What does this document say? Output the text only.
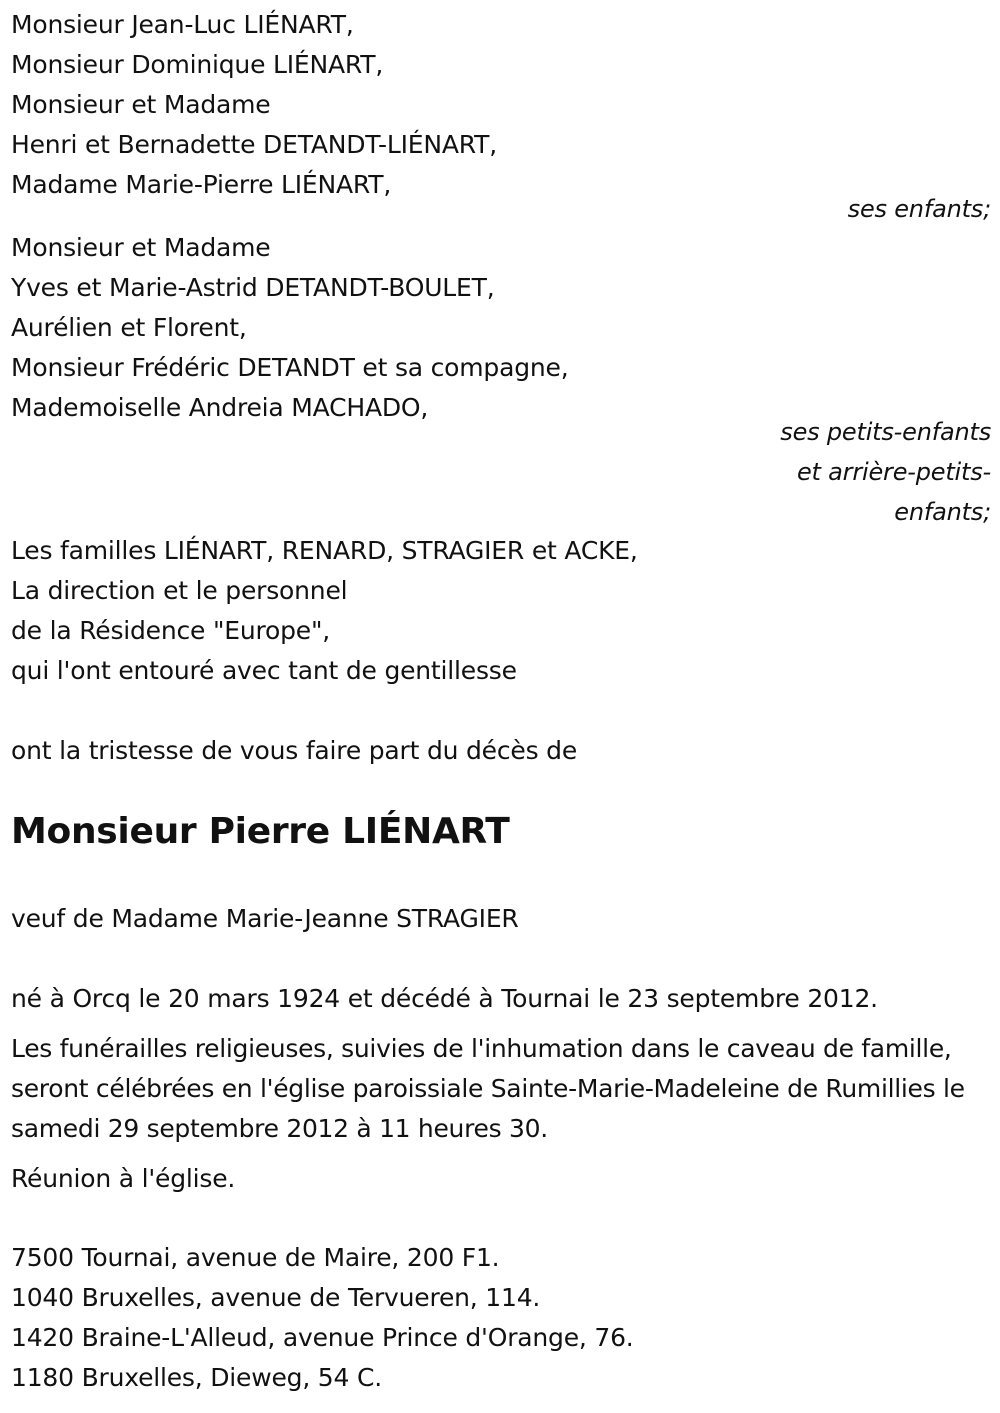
Monsieur Jean-Luc LIÉNART,
Monsieur Dominique LIÉNART,
Monsieur et Madame
Henri et Bernadette DETANDT-LIÉNART,
Madame Marie-Pierre LIÉNART,
ses enfants;
Monsieur et Madame
Yves et Marie-Astrid DETANDT-BOULET,
Aurélien et Florent,
Monsieur Frédéric DETANDT et sa compagne,
Mademoiselle Andreia MACHADO,
ses petits-enfants
et arrière-petits-
enfants;
Les familles LIÉNART, RENARD, STRAGIER et ACKE,
La direction et le personnel
de la Résidence "Europe",
qui l'ont entouré avec tant de gentillesse
ont la tristesse de vous faire part du décès de
Monsieur Pierre LIÉNART
veuf de Madame Marie-Jeanne STRAGIER
né à Orcq le 20 mars 1924 et décédé à Tournai le 23 septembre 2012.
Les funérailles religieuses, suivies de l'inhumation dans le caveau de famille, seront célébrées en l'église paroissiale Sainte-Marie-Madeleine de Rumillies le samedi 29 septembre 2012 à 11 heures 30.
Réunion à l'église.
7500 Tournai, avenue de Maire, 200 F1.
1040 Bruxelles, avenue de Tervueren, 114.
1420 Braine-L'Alleud, avenue Prince d'Orange, 76.
1180 Bruxelles, Dieweg, 54 C.
